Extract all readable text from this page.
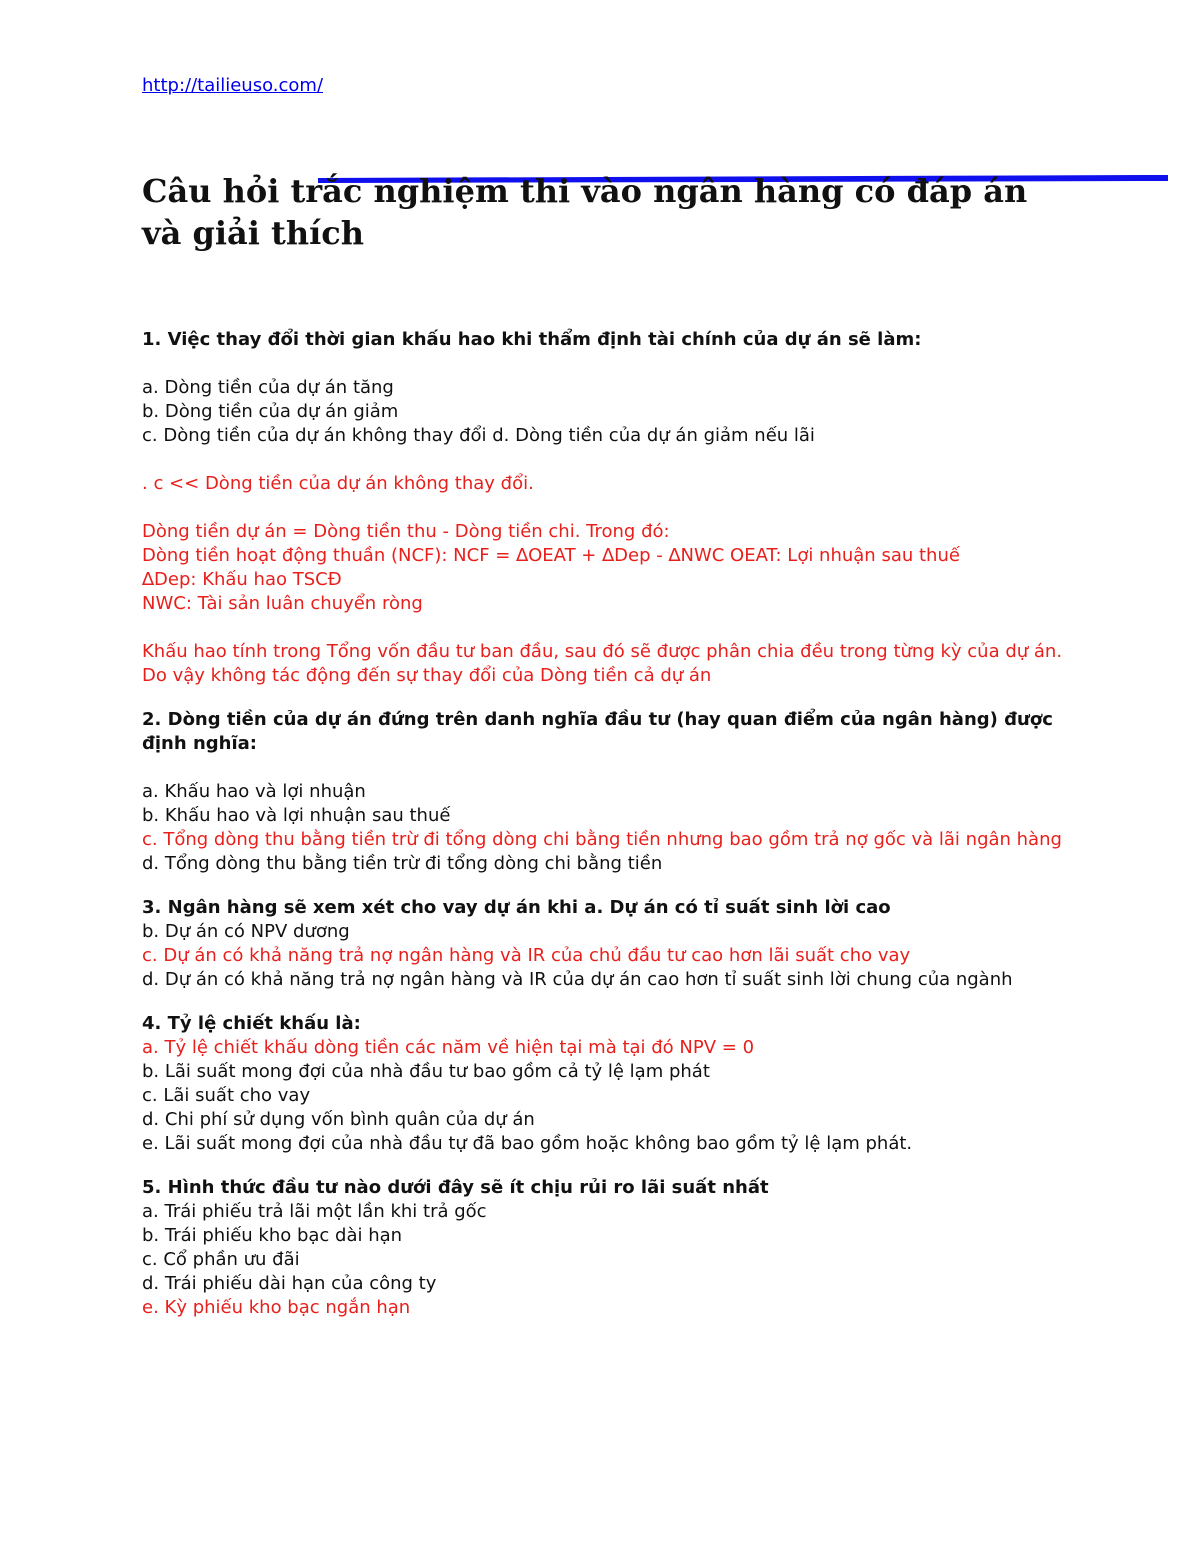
http://tailieuso.com/
Câu hỏi trắc nghiệm thi vào ngân hàng có đáp án và giải thích

1. Việc thay đổi thời gian khấu hao khi thẩm định tài chính của dự án sẽ làm:

a. Dòng tiền của dự án tăng

b. Dòng tiền của dự án giảm

c. Dòng tiền của dự án không thay đổi d. Dòng tiền của dự án giảm nếu lãi

. c << Dòng tiền của dự án không thay đổi.

Dòng tiền dự án = Dòng tiền thu - Dòng tiền chi. Trong đó:

Dòng tiền hoạt động thuần (NCF): NCF = ∆OEAT + ∆Dep - ∆NWC OEAT: Lợi nhuận sau thuế

∆Dep: Khấu hao TSCĐ

NWC: Tài sản luân chuyển ròng

Khấu hao tính trong Tổng vốn đầu tư ban đầu, sau đó sẽ được phân chia đều trong từng kỳ của dự án. Do vậy không tác động đến sự thay đổi của Dòng tiền cả dự án

2. Dòng tiền của dự án đứng trên danh nghĩa đầu tư (hay quan điểm của ngân hàng) được định nghĩa:

a. Khấu hao và lợi nhuận

b. Khấu hao và lợi nhuận sau thuế

c. Tổng dòng thu bằng tiền trừ đi tổng dòng chi bằng tiền nhưng bao gồm trả nợ gốc và lãi ngân hàng

d. Tổng dòng thu bằng tiền trừ đi tổng dòng chi bằng tiền

3. Ngân hàng sẽ xem xét cho vay dự án khi a. Dự án có tỉ suất sinh lời cao

b. Dự án có NPV dương

c. Dự án có khả năng trả nợ ngân hàng và IR của chủ đầu tư cao hơn lãi suất cho vay

d. Dự án có khả năng trả nợ ngân hàng và IR của dự án cao hơn tỉ suất sinh lời chung của ngành

4. Tỷ lệ chiết khấu là:

a. Tỷ lệ chiết khấu dòng tiền các năm về hiện tại mà tại đó NPV = 0

b. Lãi suất mong đợi của nhà đầu tư bao gồm cả tỷ lệ lạm phát

c. Lãi suất cho vay

d. Chi phí sử dụng vốn bình quân của dự án

e. Lãi suất mong đợi của nhà đầu tự đã bao gồm hoặc không bao gồm tỷ lệ lạm phát.

5. Hình thức đầu tư nào dưới đây sẽ ít chịu rủi ro lãi suất nhất

a. Trái phiếu trả lãi một lần khi trả gốc

b. Trái phiếu kho bạc dài hạn

c. Cổ phần ưu đãi

d. Trái phiếu dài hạn của công ty

e. Kỳ phiếu kho bạc ngắn hạn
